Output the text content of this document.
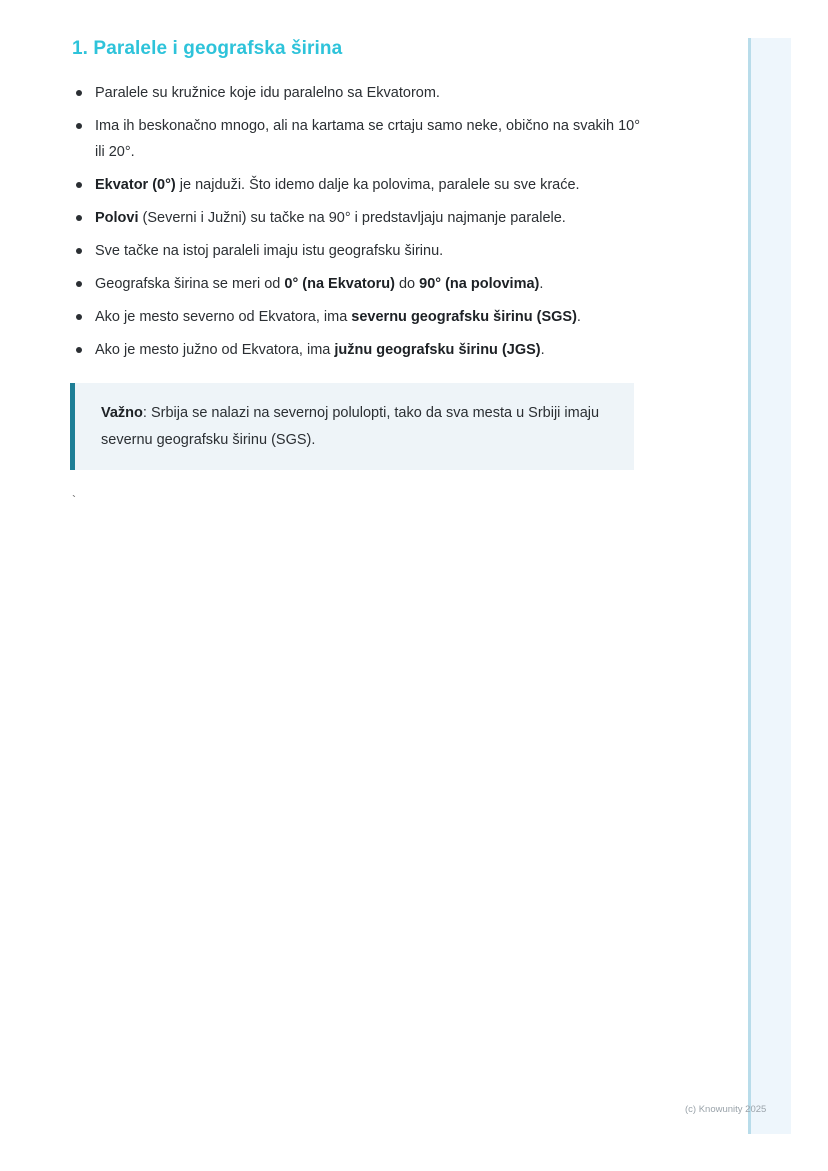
1. Paralele i geografska širina
Paralele su kružnice koje idu paralelno sa Ekvatorom.
Ima ih beskonačno mnogo, ali na kartama se crtaju samo neke, obično na svakih 10° ili 20°.
Ekvator (0°) je najduži. Što idemo dalje ka polovima, paralele su sve kraće.
Polovi (Severni i Južni) su tačke na 90° i predstavljaju najmanje paralele.
Sve tačke na istoj paraleli imaju istu geografsku širinu.
Geografska širina se meri od 0° (na Ekvatoru) do 90° (na polovima).
Ako je mesto severno od Ekvatora, ima severnu geografsku širinu (SGS).
Ako je mesto južno od Ekvatora, ima južnu geografsku širinu (JGS).
Važno: Srbija se nalazi na severnoj polulopti, tako da sva mesta u Srbiji imaju severnu geografsku širinu (SGS).
`
(c) Knowunity 2025
